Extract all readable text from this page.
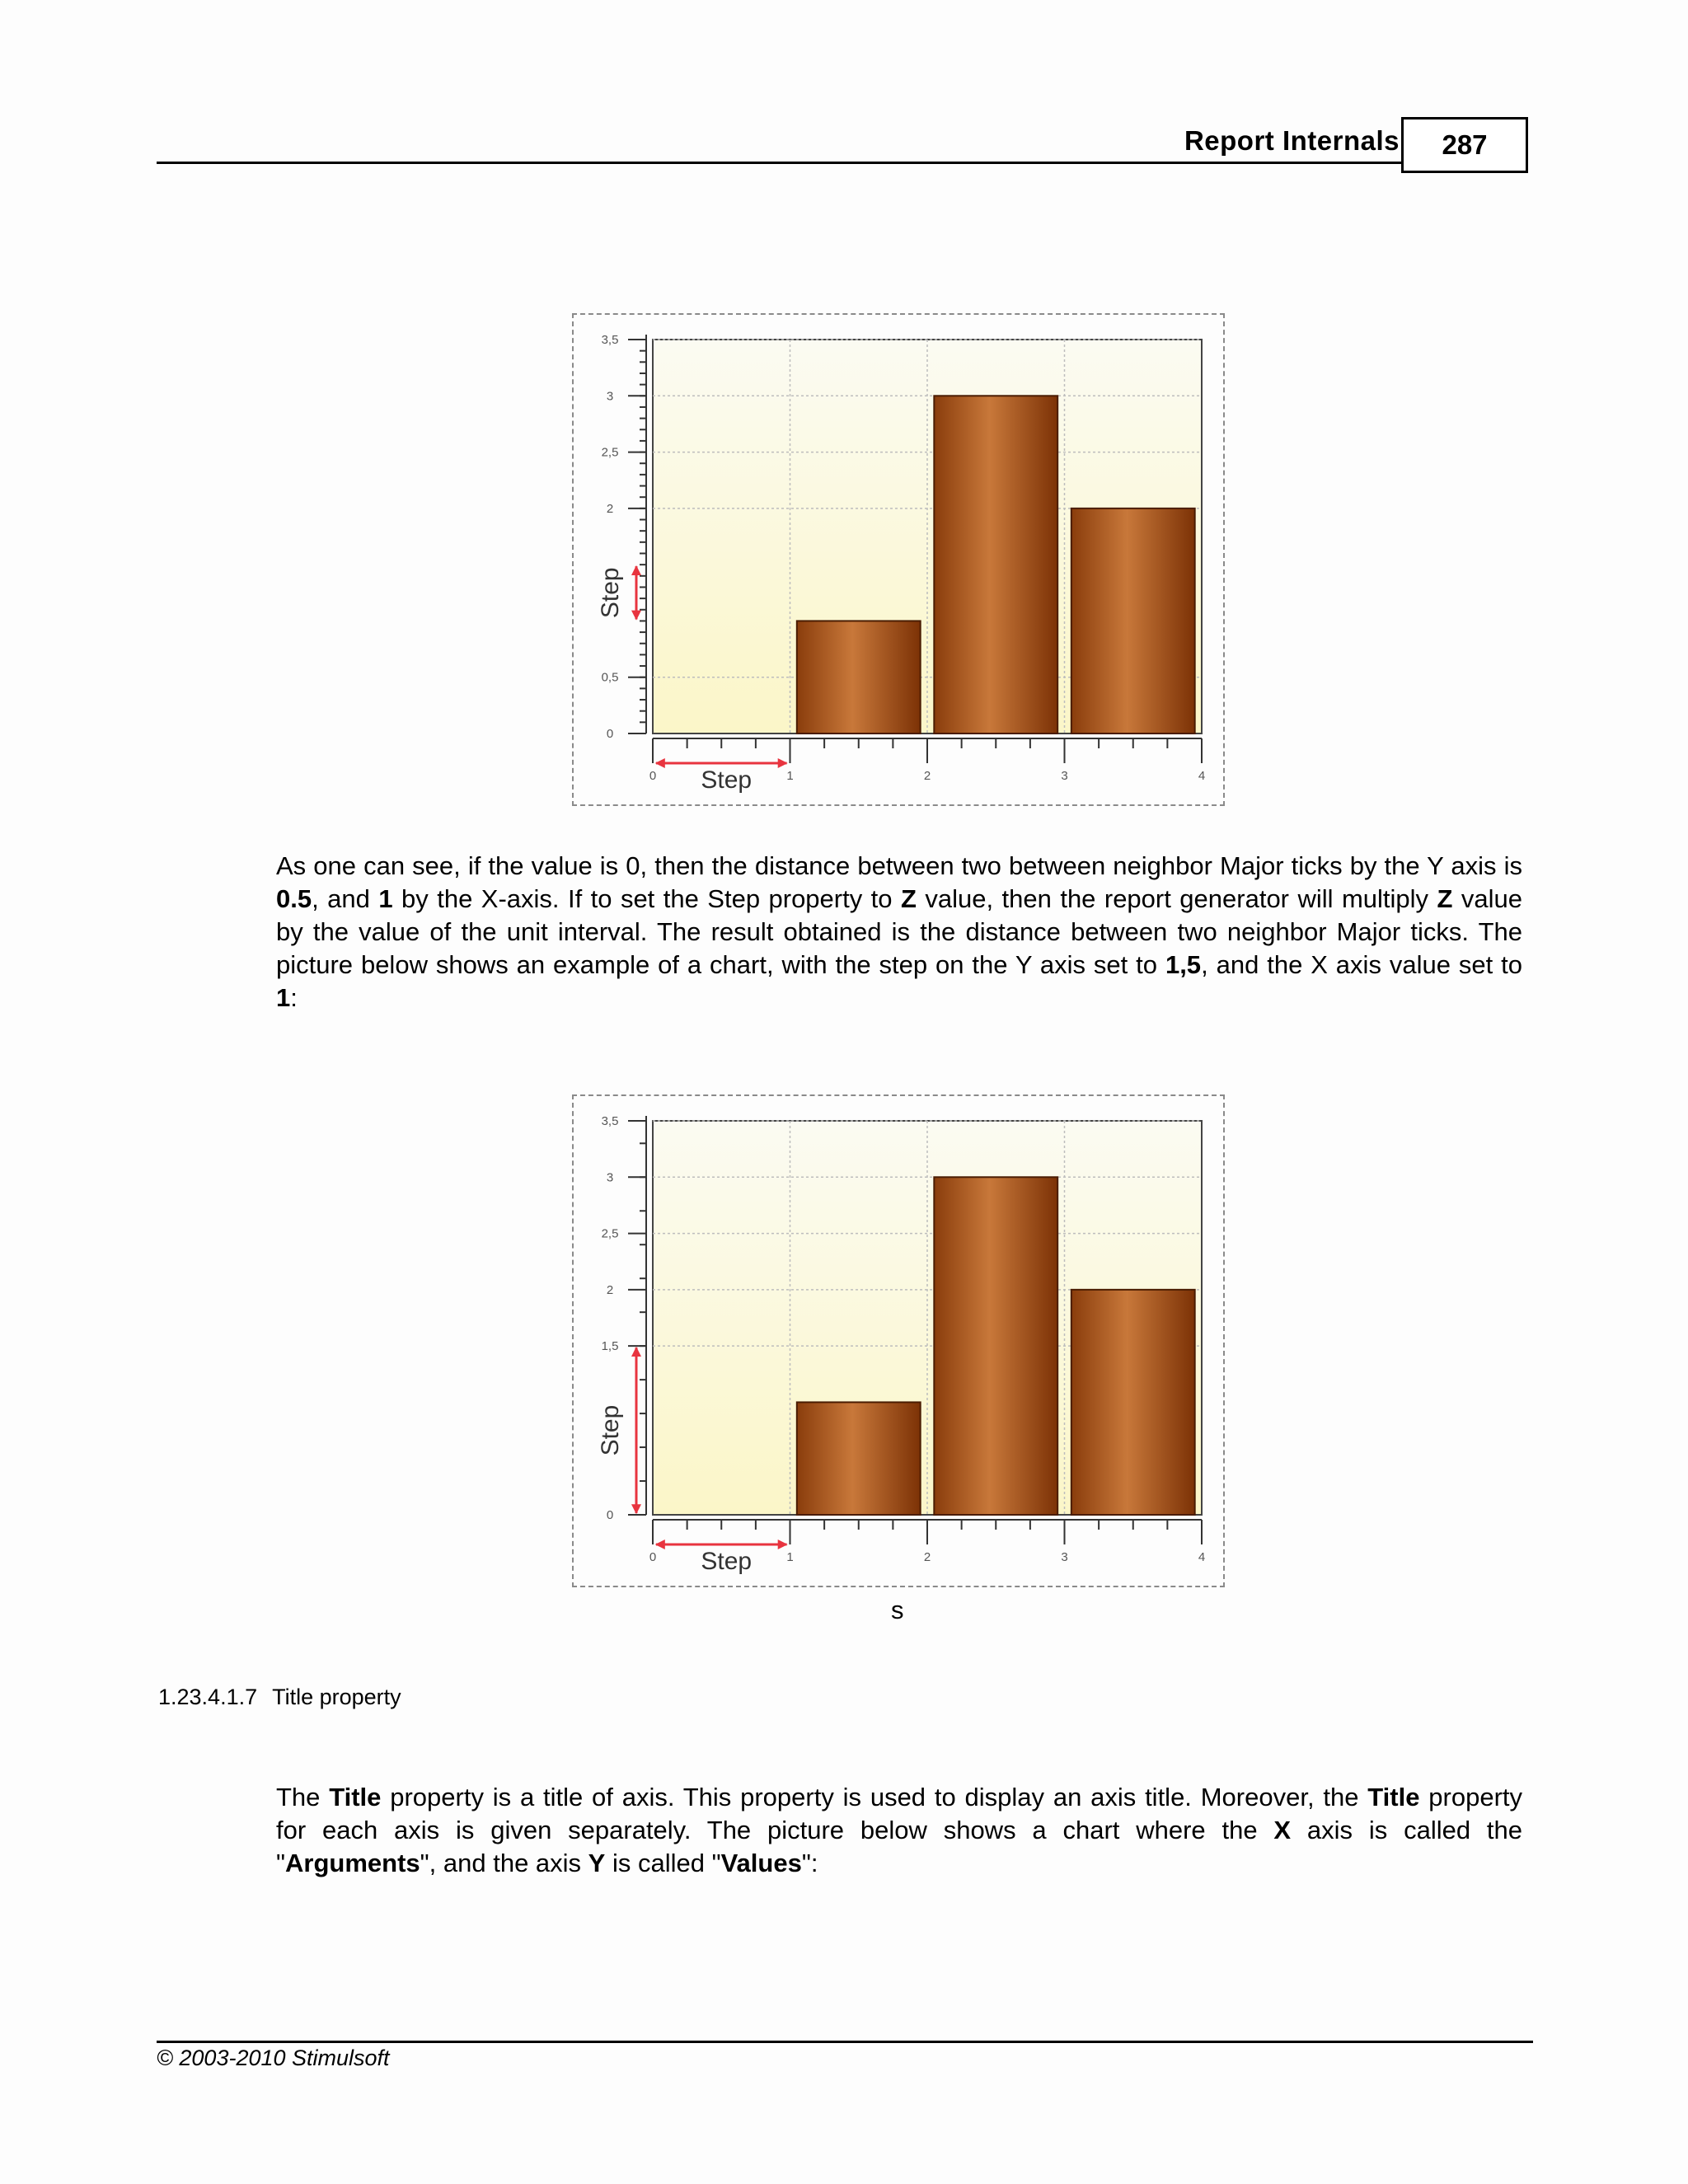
Report Internals	287
0
0,5
2
2,5
3
3,5
0	1	2	3	4
Step
Step

As one can see, if the value is 0, then the distance between two between neighbor Major ticks by the Y axis is 0.5, and 1 by the X-axis. If to set the Step property to Z value, then the report generator will multiply Z value by the value of the unit interval. The result obtained is the distance between two neighbor Major ticks. The picture below shows an example of a chart, with the step on the Y axis set to 1,5, and the X axis value set to 1:

0
1,5
2
2,5
3
3,5
0	1	2	3	4
Step
Step
s
1.23.4.1.7 Title property

The Title property is a title of axis. This property is used to display an axis title. Moreover, the Title property for each axis is given separately. The picture below shows a chart where the X axis is called the "Arguments", and the axis Y is called "Values":

© 2003-2010 Stimulsoft
